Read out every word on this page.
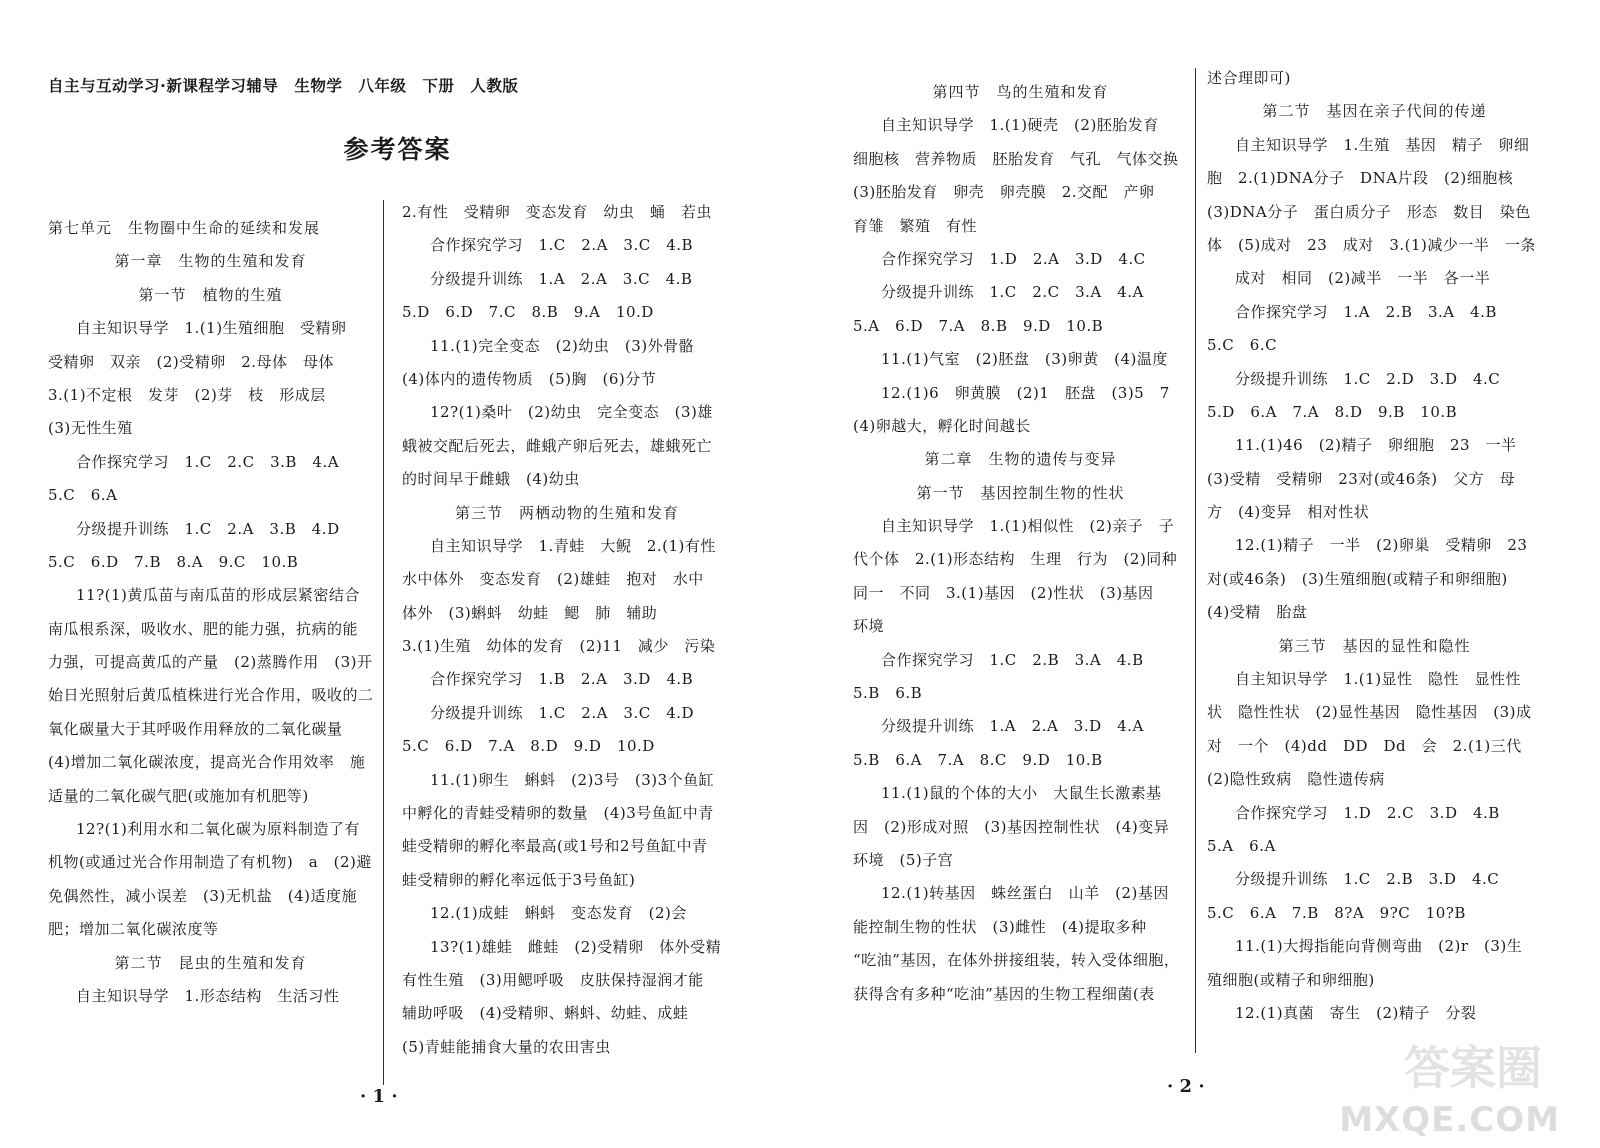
自主与互动学习·新课程学习辅导　生物学　八年级　下册　人教版
参考答案
第七单元　生物圈中生命的延续和发展
第一章　生物的生殖和发育
第一节　植物的生殖
自主知识导学　1.(1)生殖细胞　受精卵
受精卵　双亲　(2)受精卵　2.母体　母体
3.(1)不定根　发芽　(2)芽　枝　形成层
(3)无性生殖
合作探究学习　1.C　2.C　3.B　4.A
5.C　6.A
分级提升训练　1.C　2.A　3.B　4.D
5.C　6.D　7.B　8.A　9.C　10.B
11?(1)黄瓜苗与南瓜苗的形成层紧密结合
南瓜根系深，吸收水、肥的能力强，抗病的能
力强，可提高黄瓜的产量　(2)蒸腾作用　(3)开
始日光照射后黄瓜植株进行光合作用，吸收的二
氧化碳量大于其呼吸作用释放的二氧化碳量
(4)增加二氧化碳浓度，提高光合作用效率　施
适量的二氧化碳气肥(或施加有机肥等)
12?(1)利用水和二氧化碳为原料制造了有
机物(或通过光合作用制造了有机物)　a　(2)避
免偶然性，减小误差　(3)无机盐　(4)适度施
肥；增加二氧化碳浓度等
第二节　昆虫的生殖和发育
自主知识导学　1.形态结构　生活习性
2.有性　受精卵　变态发育　幼虫　蛹　若虫
合作探究学习　1.C　2.A　3.C　4.B
分级提升训练　1.A　2.A　3.C　4.B
5.D　6.D　7.C　8.B　9.A　10.D
11.(1)完全变态　(2)幼虫　(3)外骨骼
(4)体内的遗传物质　(5)胸　(6)分节
12?(1)桑叶　(2)幼虫　完全变态　(3)雄
蛾被交配后死去，雌蛾产卵后死去，雄蛾死亡
的时间早于雌蛾　(4)幼虫
第三节　两栖动物的生殖和发育
自主知识导学　1.青蛙　大鲵　2.(1)有性
水中体外　变态发育　(2)雄蛙　抱对　水中
体外　(3)蝌蚪　幼蛙　鳃　肺　辅助
3.(1)生殖　幼体的发育　(2)11　减少　污染
合作探究学习　1.B　2.A　3.D　4.B
分级提升训练　1.C　2.A　3.C　4.D
5.C　6.D　7.A　8.D　9.D　10.D
11.(1)卵生　蝌蚪　(2)3号　(3)3个鱼缸
中孵化的青蛙受精卵的数量　(4)3号鱼缸中青
蛙受精卵的孵化率最高(或1号和2号鱼缸中青
蛙受精卵的孵化率远低于3号鱼缸)
12.(1)成蛙　蝌蚪　变态发育　(2)会
13?(1)雄蛙　雌蛙　(2)受精卵　体外受精
有性生殖　(3)用鳃呼吸　皮肤保持湿润才能
辅助呼吸　(4)受精卵、蝌蚪、幼蛙、成蛙
(5)青蛙能捕食大量的农田害虫
· 1 ·
第四节　鸟的生殖和发育
自主知识导学　1.(1)硬壳　(2)胚胎发育
细胞核　营养物质　胚胎发育　气孔　气体交换
(3)胚胎发育　卵壳　卵壳膜　2.交配　产卵
育雏　繁殖　有性
合作探究学习　1.D　2.A　3.D　4.C
分级提升训练　1.C　2.C　3.A　4.A
5.A　6.D　7.A　8.B　9.D　10.B
11.(1)气室　(2)胚盘　(3)卵黄　(4)温度
12.(1)6　卵黄膜　(2)1　胚盘　(3)5　7
(4)卵越大，孵化时间越长
第二章　生物的遗传与变异
第一节　基因控制生物的性状
自主知识导学　1.(1)相似性　(2)亲子　子
代个体　2.(1)形态结构　生理　行为　(2)同种
同一　不同　3.(1)基因　(2)性状　(3)基因
环境
合作探究学习　1.C　2.B　3.A　4.B
5.B　6.B
分级提升训练　1.A　2.A　3.D　4.A
5.B　6.A　7.A　8.C　9.D　10.B
11.(1)鼠的个体的大小　大鼠生长激素基
因　(2)形成对照　(3)基因控制性状　(4)变异
环境　(5)子宫
12.(1)转基因　蛛丝蛋白　山羊　(2)基因
能控制生物的性状　(3)雌性　(4)提取多种
“吃油”基因，在体外拼接组装，转入受体细胞，
获得含有多种“吃油”基因的生物工程细菌(表
述合理即可)
第二节　基因在亲子代间的传递
自主知识导学　1.生殖　基因　精子　卵细
胞　2.(1)DNA分子　DNA片段　(2)细胞核
(3)DNA分子　蛋白质分子　形态　数目　染色
体　(5)成对　23　成对　3.(1)减少一半　一条
成对　相同　(2)减半　一半　各一半
合作探究学习　1.A　2.B　3.A　4.B
5.C　6.C
分级提升训练　1.C　2.D　3.D　4.C
5.D　6.A　7.A　8.D　9.B　10.B
11.(1)46　(2)精子　卵细胞　23　一半
(3)受精　受精卵　23对(或46条)　父方　母
方　(4)变异　相对性状
12.(1)精子　一半　(2)卵巢　受精卵　23
对(或46条)　(3)生殖细胞(或精子和卵细胞)
(4)受精　胎盘
第三节　基因的显性和隐性
自主知识导学　1.(1)显性　隐性　显性性
状　隐性性状　(2)显性基因　隐性基因　(3)成
对　一个　(4)dd　DD　Dd　会　2.(1)三代
(2)隐性致病　隐性遗传病
合作探究学习　1.D　2.C　3.D　4.B
5.A　6.A
分级提升训练　1.C　2.B　3.D　4.C
5.C　6.A　7.B　8?A　9?C　10?B
11.(1)大拇指能向背侧弯曲　(2)r　(3)生
殖细胞(或精子和卵细胞)
12.(1)真菌　寄生　(2)精子　分裂
· 2 ·	答案圈
MXQE.COM
